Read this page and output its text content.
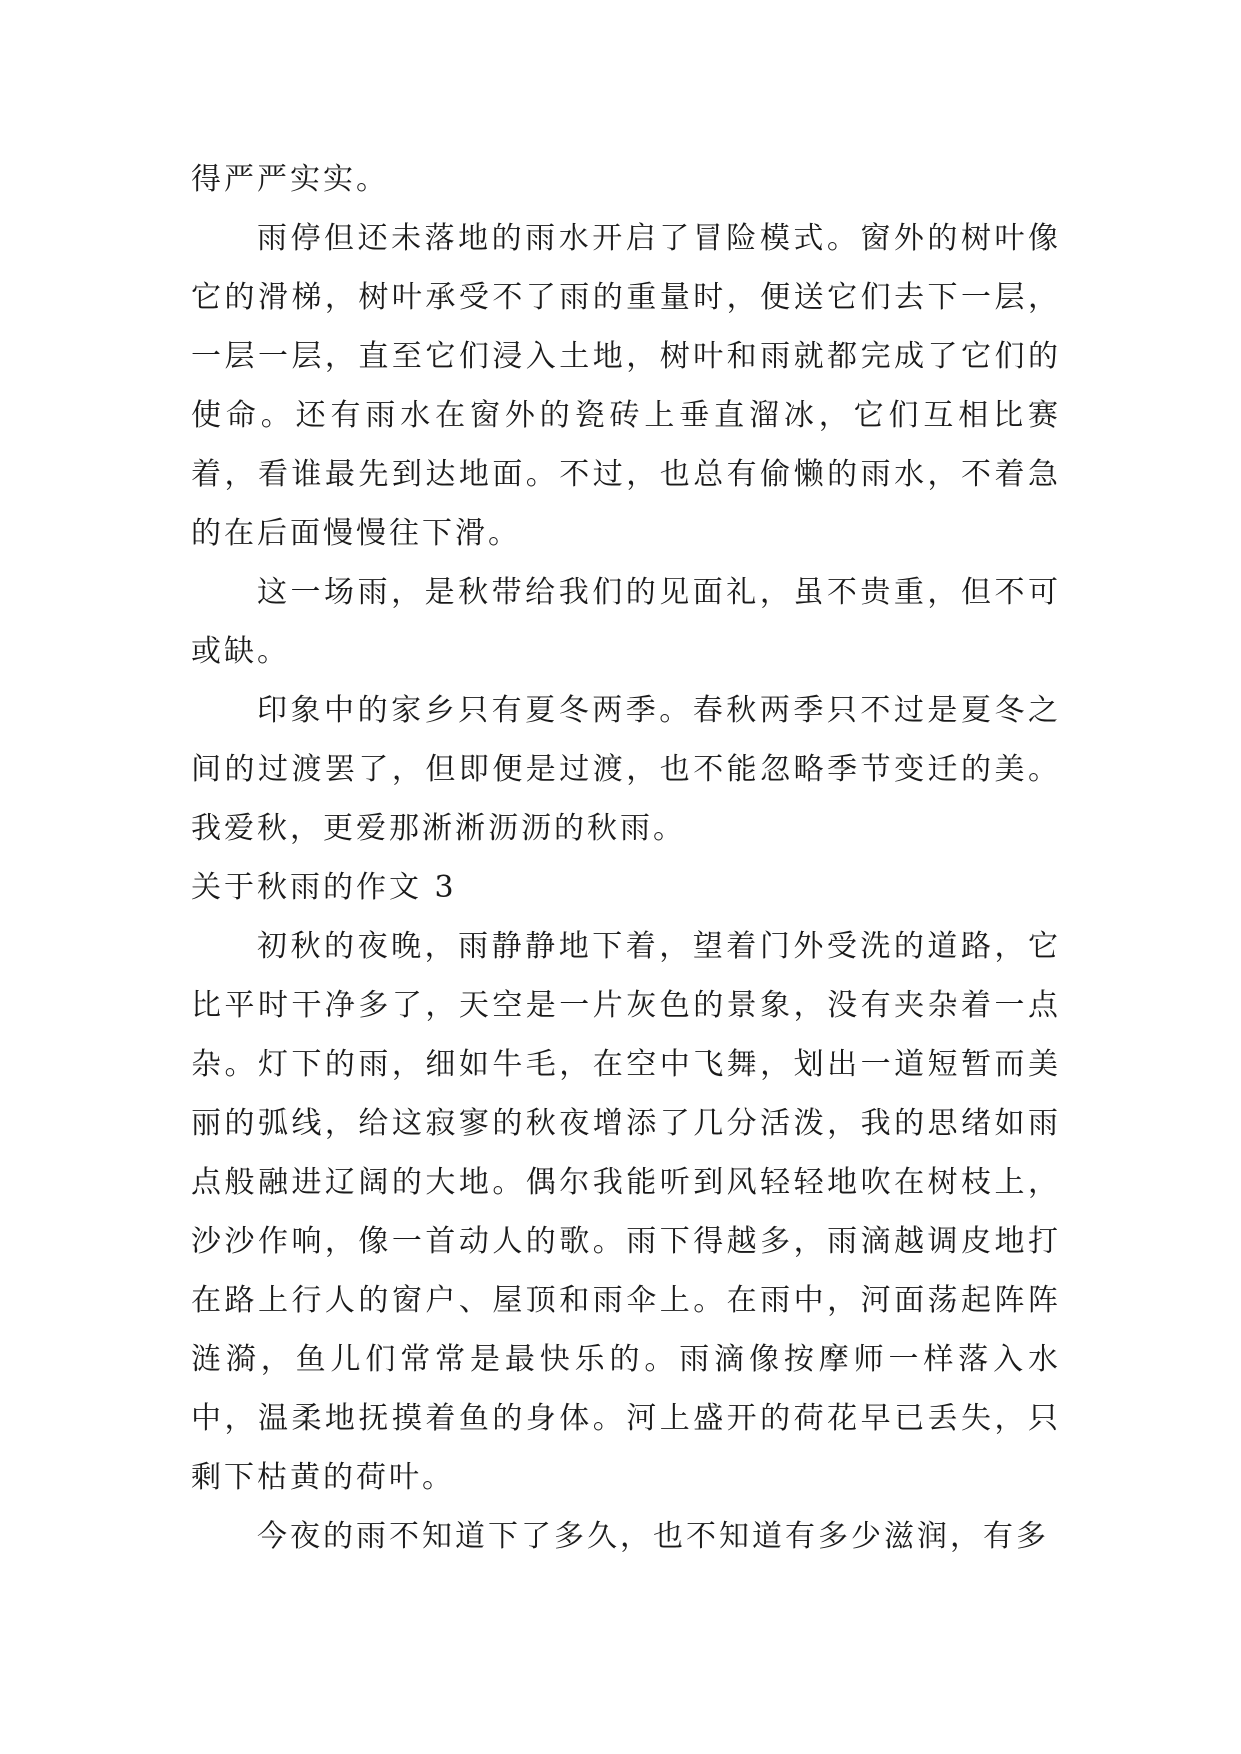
得严严实实。

雨停但还未落地的雨水开启了冒险模式。窗外的树叶像它的滑梯，树叶承受不了雨的重量时，便送它们去下一层，一层一层，直至它们浸入土地，树叶和雨就都完成了它们的使命。还有雨水在窗外的瓷砖上垂直溜冰，它们互相比赛着，看谁最先到达地面。不过，也总有偷懒的雨水，不着急的在后面慢慢往下滑。

这一场雨，是秋带给我们的见面礼，虽不贵重，但不可或缺。

印象中的家乡只有夏冬两季。春秋两季只不过是夏冬之间的过渡罢了，但即便是过渡，也不能忽略季节变迁的美。我爱秋，更爱那淅淅沥沥的秋雨。

关于秋雨的作文 3

初秋的夜晚，雨静静地下着，望着门外受洗的道路，它比平时干净多了，天空是一片灰色的景象，没有夹杂着一点杂。灯下的雨，细如牛毛，在空中飞舞，划出一道短暂而美丽的弧线，给这寂寥的秋夜增添了几分活泼，我的思绪如雨点般融进辽阔的大地。偶尔我能听到风轻轻地吹在树枝上，沙沙作响，像一首动人的歌。雨下得越多，雨滴越调皮地打在路上行人的窗户、屋顶和雨伞上。在雨中，河面荡起阵阵涟漪，鱼儿们常常是最快乐的。雨滴像按摩师一样落入水中，温柔地抚摸着鱼的身体。河上盛开的荷花早已丢失，只剩下枯黄的荷叶。

今夜的雨不知道下了多久，也不知道有多少滋润，有多
